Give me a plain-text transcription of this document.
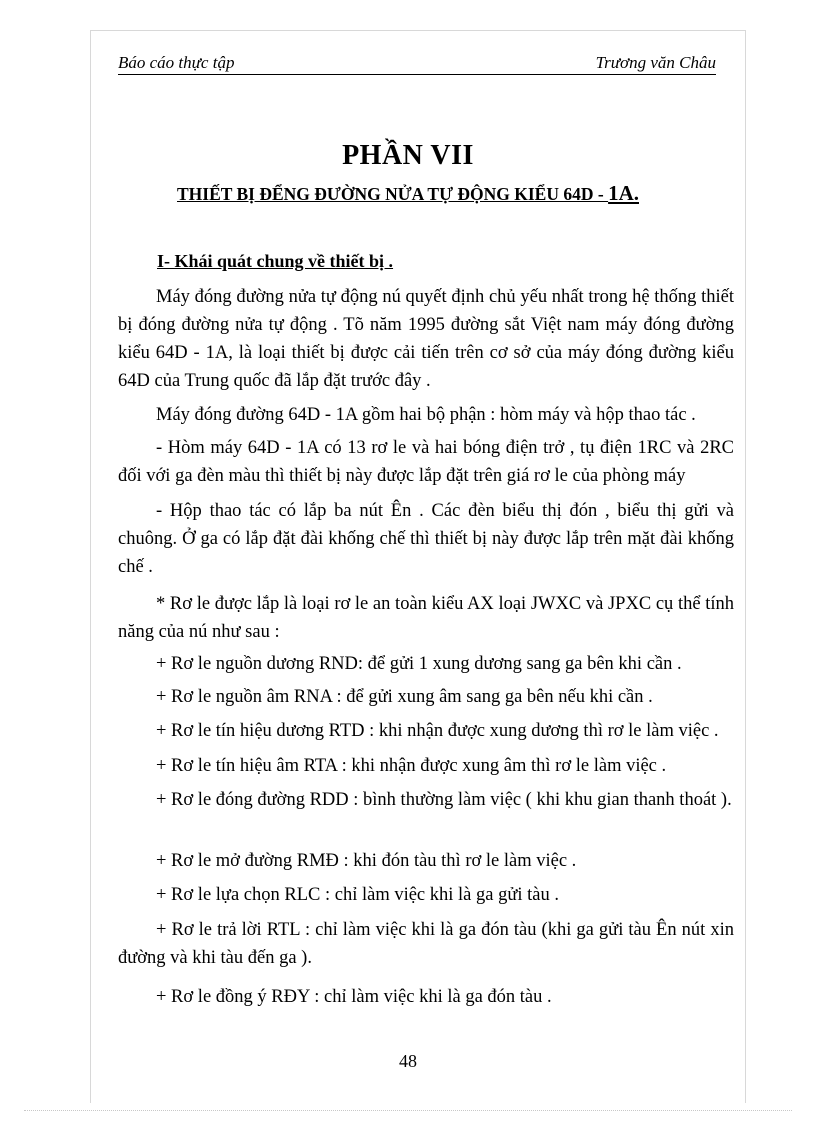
Báo cáo thực tập	Trương văn Châu
PHẦN VII
THIẾT BỊ ĐỂNG ĐƯỜNG NỬA TỰ ĐỘNG KIỂU 64D - 1A.
I- Khái quát chung về thiết bị .
Máy đóng đường nửa tự động nú quyết định chủ yếu nhất trong hệ thống thiết bị đóng đường nửa tự động . Tõ năm 1995 đường sắt Việt nam máy đóng đường kiểu 64D - 1A, là loại thiết bị được cải tiến trên cơ sở của máy đóng đường kiểu 64D của Trung quốc đã lắp đặt trước đây .
Máy đóng đường 64D - 1A gồm hai bộ phận : hòm máy và hộp thao tác .
- Hòm máy 64D - 1A có 13 rơ le và hai bóng điện trở , tụ điện 1RC và 2RC đối với ga đèn màu thì thiết bị này được lắp đặt trên giá rơ le của phòng máy
- Hộp thao tác có lắp ba nút Ên . Các đèn biểu thị đón , biểu thị gửi và chuông. Ở ga có lắp đặt đài khống chế thì thiết bị này được lắp trên mặt đài khống chế .
* Rơ le được lắp là loại rơ le an toàn kiểu AX loại JWXC và JPXC cụ thể tính năng của nú như sau :
+ Rơ le nguồn dương RND: để gửi 1 xung dương sang ga bên khi cần .
+ Rơ le nguồn âm RNA : để gửi xung âm sang ga bên nếu khi cần .
+ Rơ le tín hiệu dương RTD : khi nhận được xung dương thì rơ le làm việc .
+ Rơ le tín hiệu âm RTA : khi nhận được xung âm thì rơ le làm việc .
+ Rơ le đóng đường RDD : bình thường làm việc ( khi khu gian thanh thoát ).
+ Rơ le mở đường RMĐ : khi đón tàu thì rơ le làm việc .
+ Rơ le lựa chọn RLC : chỉ làm việc khi là ga gửi tàu .
+ Rơ le trả lời RTL : chỉ làm việc khi là ga đón tàu (khi ga gửi tàu Ên nút xin đường và khi tàu đến ga ).
+ Rơ le đồng ý RĐY : chỉ làm việc khi là ga đón tàu .
48
